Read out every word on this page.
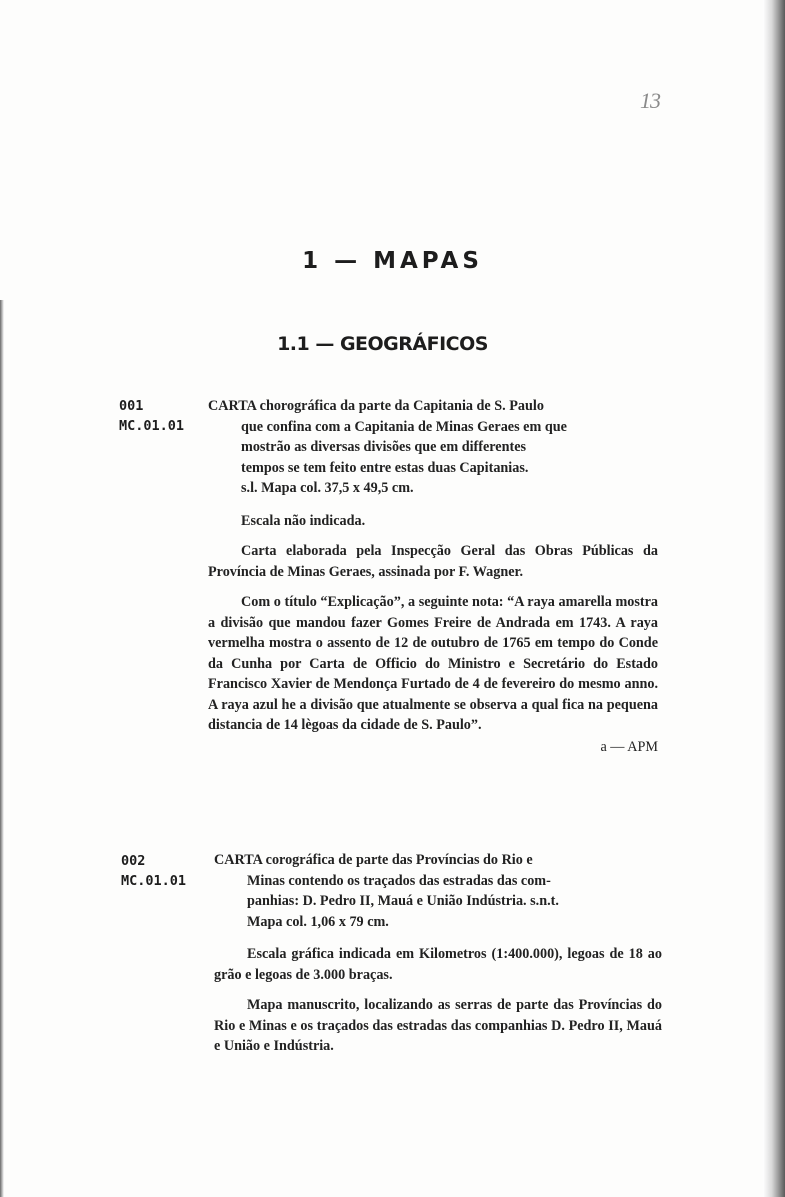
13
1 — MAPAS
1.1 — GEOGRÁFICOS
001
MC.01.01
CARTA chorográfica da parte da Capitania de S. Paulo
que confina com a Capitania de Minas Geraes em que
mostrão as diversas divisões que em differentes
tempos se tem feito entre estas duas Capitanias.
s.l. Mapa col. 37,5 x 49,5 cm.

Escala não indicada.

Carta elaborada pela Inspecção Geral das Obras Públicas da Província de Minas Geraes, assinada por F. Wagner.

Com o título “Explicação”, a seguinte nota: “A raya amarella mostra a divisão que mandou fazer Gomes Freire de Andrada em 1743. A raya vermelha mostra o assento de 12 de outubro de 1765 em tempo do Conde da Cunha por Carta de Officio do Ministro e Secretário do Estado Francisco Xavier de Mendonça Furtado de 4 de fevereiro do mesmo anno. A raya azul he a divisão que atualmente se observa a qual fica na pequena distancia de 14 lègoas da cidade de S. Paulo”.

a — APM

002
MC.01.01
CARTA corográfica de parte das Províncias do Rio e
Minas contendo os traçados das estradas das com-
panhias: D. Pedro II, Mauá e União Indústria. s.n.t.
Mapa col. 1,06 x 79 cm.

Escala gráfica indicada em Kilometros (1:400.000), legoas de 18 ao grão e legoas de 3.000 braças.

Mapa manuscrito, localizando as serras de parte das Províncias do Rio e Minas e os traçados das estradas das companhias D. Pedro II, Mauá e União e Indústria.
